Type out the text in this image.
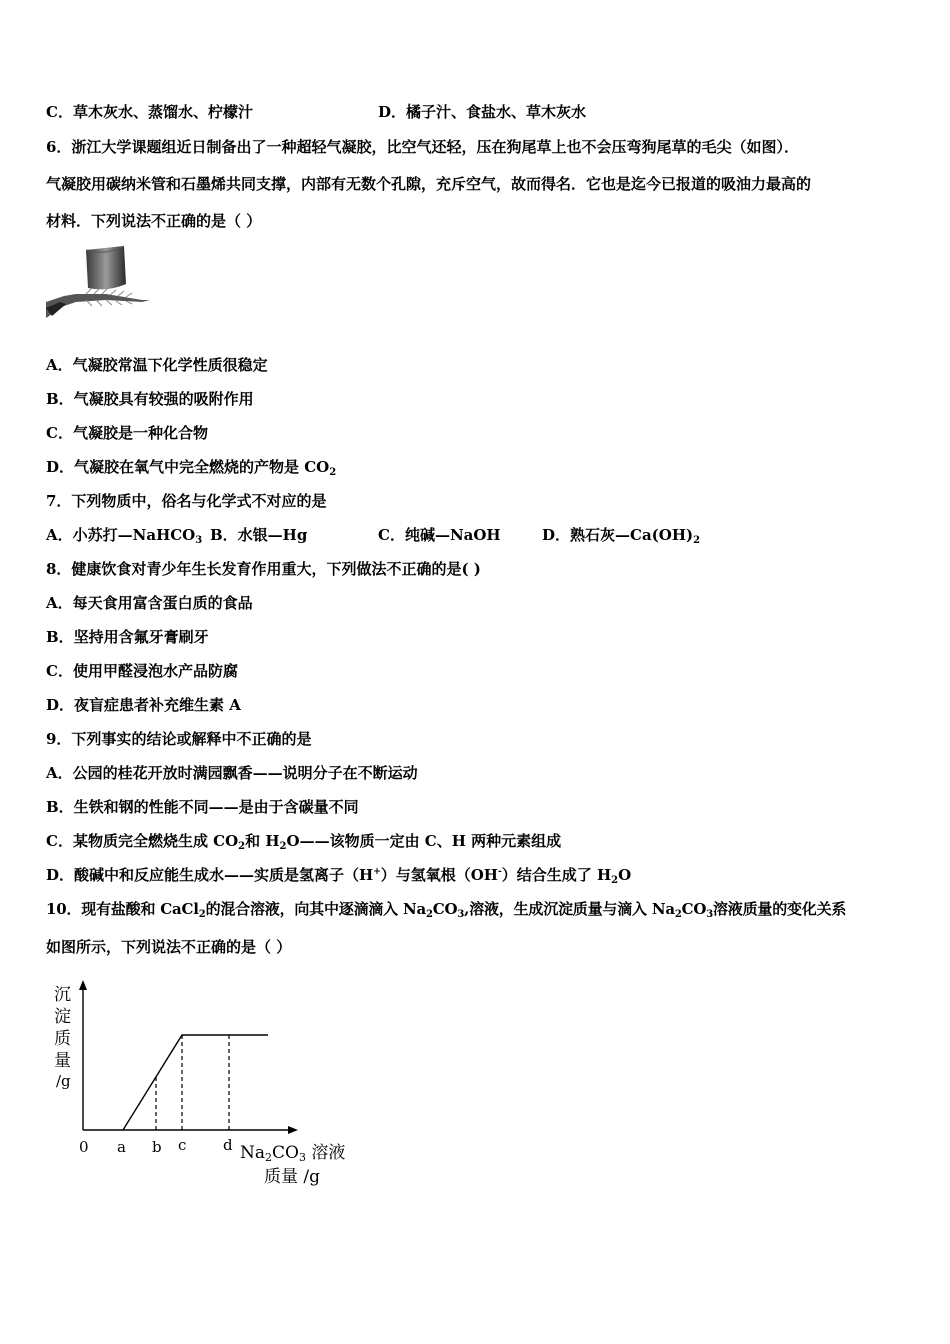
C．草木灰水、蒸馏水、柠檬汁	D．橘子汁、食盐水、草木灰水
6．浙江大学课题组近日制备出了一种超轻气凝胶，比空气还轻，压在狗尾草上也不会压弯狗尾草的毛尖（如图）．
气凝胶用碳纳米管和石墨烯共同支撑，内部有无数个孔隙，充斥空气，故而得名．它也是迄今已报道的吸油力最高的
材料．下列说法不正确的是（ ）
A．气凝胶常温下化学性质很稳定
B．气凝胶具有较强的吸附作用
C．气凝胶是一种化合物
D．气凝胶在氧气中完全燃烧的产物是 $CO_2$
7．下列物质中，俗名与化学式不对应的是
A．小苏打—NaHCO$_3$ B．水银—Hg	C．纯碱—NaOH	D．熟石灰$—Ca(OH)_2$
8．健康饮食对青少年生长发育作用重大，下列做法不正确的是( )
A．每天食用富含蛋白质的食品
B．坚持用含氟牙膏刷牙
C．使用甲醛浸泡水产品防腐
D．夜盲症患者补充维生素 A
9．下列事实的结论或解释中不正确的是
A．公园的桂花开放时满园飘香——说明分子在不断运动
B．生铁和钢的性能不同——是由于含碳量不同
C．某物质完全燃烧生成 $CO_2$和 $H_2O——$该物质一定由 C、H 两种元素组成
D．酸碱中和反应能生成水——实质是氢离子（H+）与氢氧根（OH-）结合生成了 $H_2O$
10．现有盐酸和 CaCl$_2$的混合溶液，向其中逐滴滴入 $Na_2CO_3$,溶液，生成沉淀质量与滴入 $Na_2CO_3$溶液质量的变化关系
如图所示，下列说法不正确的是（ ）
沉
淀
质
量
/g
0 a b c d Na2CO3 溶液
质量 /g
